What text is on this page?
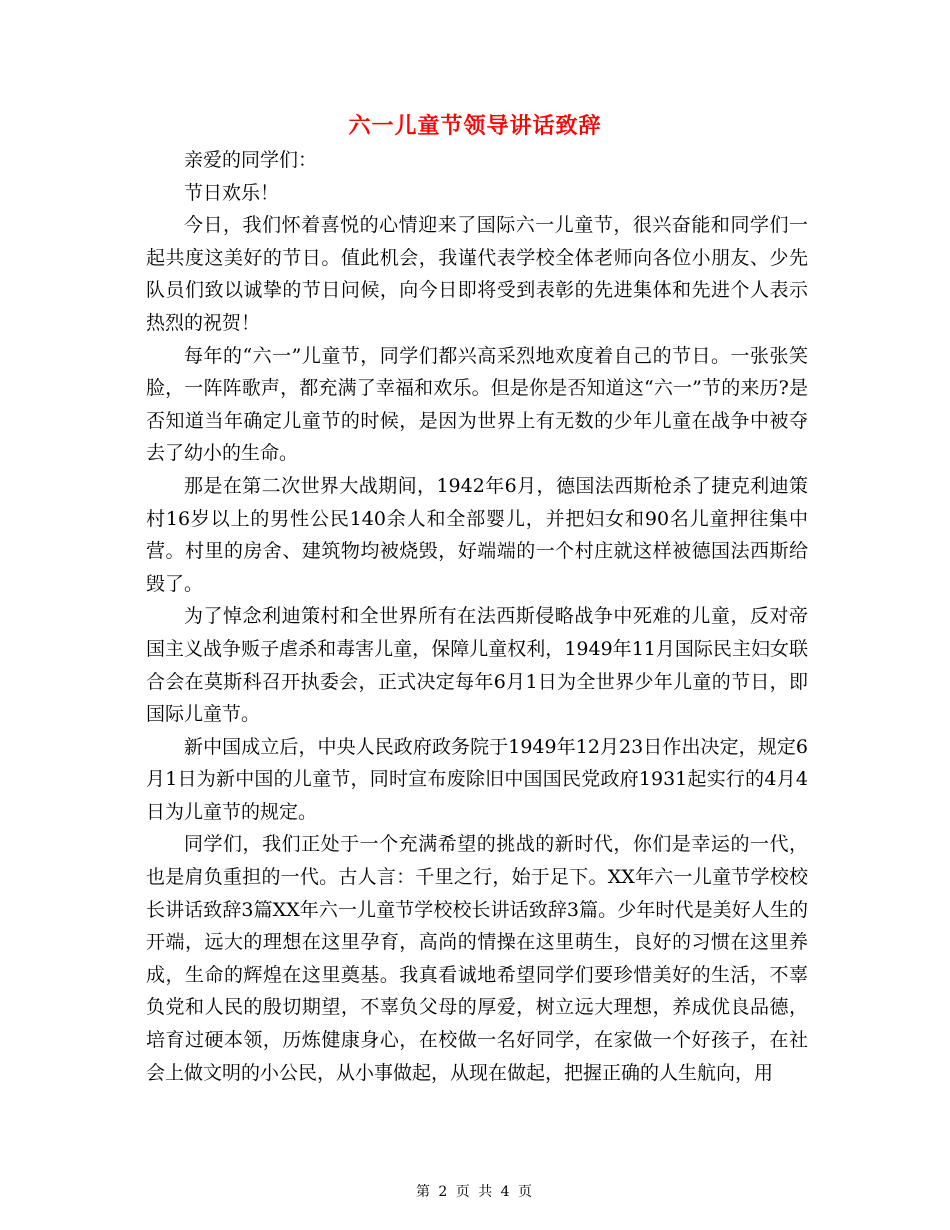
六一儿童节领导讲话致辞

亲爱的同学们：

节日欢乐！

今日，我们怀着喜悦的心情迎来了国际六一儿童节，很兴奋能和同学们一起共度这美好的节日。值此机会，我谨代表学校全体老师向各位小朋友、少先队员们致以诚挚的节日问候，向今日即将受到表彰的先进集体和先进个人表示热烈的祝贺！

每年的“六一”儿童节，同学们都兴高采烈地欢度着自己的节日。一张张笑脸，一阵阵歌声，都充满了幸福和欢乐。但是你是否知道这“六一”节的来历?是否知道当年确定儿童节的时候，是因为世界上有无数的少年儿童在战争中被夺去了幼小的生命。

那是在第二次世界大战期间，1942年6月，德国法西斯枪杀了捷克利迪策村16岁以上的男性公民140余人和全部婴儿，并把妇女和90名儿童押往集中营。村里的房舍、建筑物均被烧毁，好端端的一个村庄就这样被德国法西斯给毁了。

为了悼念利迪策村和全世界所有在法西斯侵略战争中死难的儿童，反对帝国主义战争贩子虐杀和毒害儿童，保障儿童权利，1949年11月国际民主妇女联合会在莫斯科召开执委会，正式决定每年6月1日为全世界少年儿童的节日，即国际儿童节。

新中国成立后，中央人民政府政务院于1949年12月23日作出决定，规定6月1日为新中国的儿童节，同时宣布废除旧中国国民党政府1931起实行的4月4日为儿童节的规定。

同学们，我们正处于一个充满希望的挑战的新时代，你们是幸运的一代，也是肩负重担的一代。古人言：千里之行，始于足下。XX年六一儿童节学校校长讲话致辞3篇XX年六一儿童节学校校长讲话致辞3篇。少年时代是美好人生的开端，远大的理想在这里孕育，高尚的情操在这里萌生，良好的习惯在这里养成，生命的辉煌在这里奠基。我真看诚地希望同学们要珍惜美好的生活，不辜负党和人民的殷切期望，不辜负父母的厚爱，树立远大理想，养成优良品德，培育过硬本领，历炼健康身心，在校做一名好同学，在家做一个好孩子，在社会上做文明的小公民，从小事做起，从现在做起，把握正确的人生航向，用

第 2 页 共 4 页
